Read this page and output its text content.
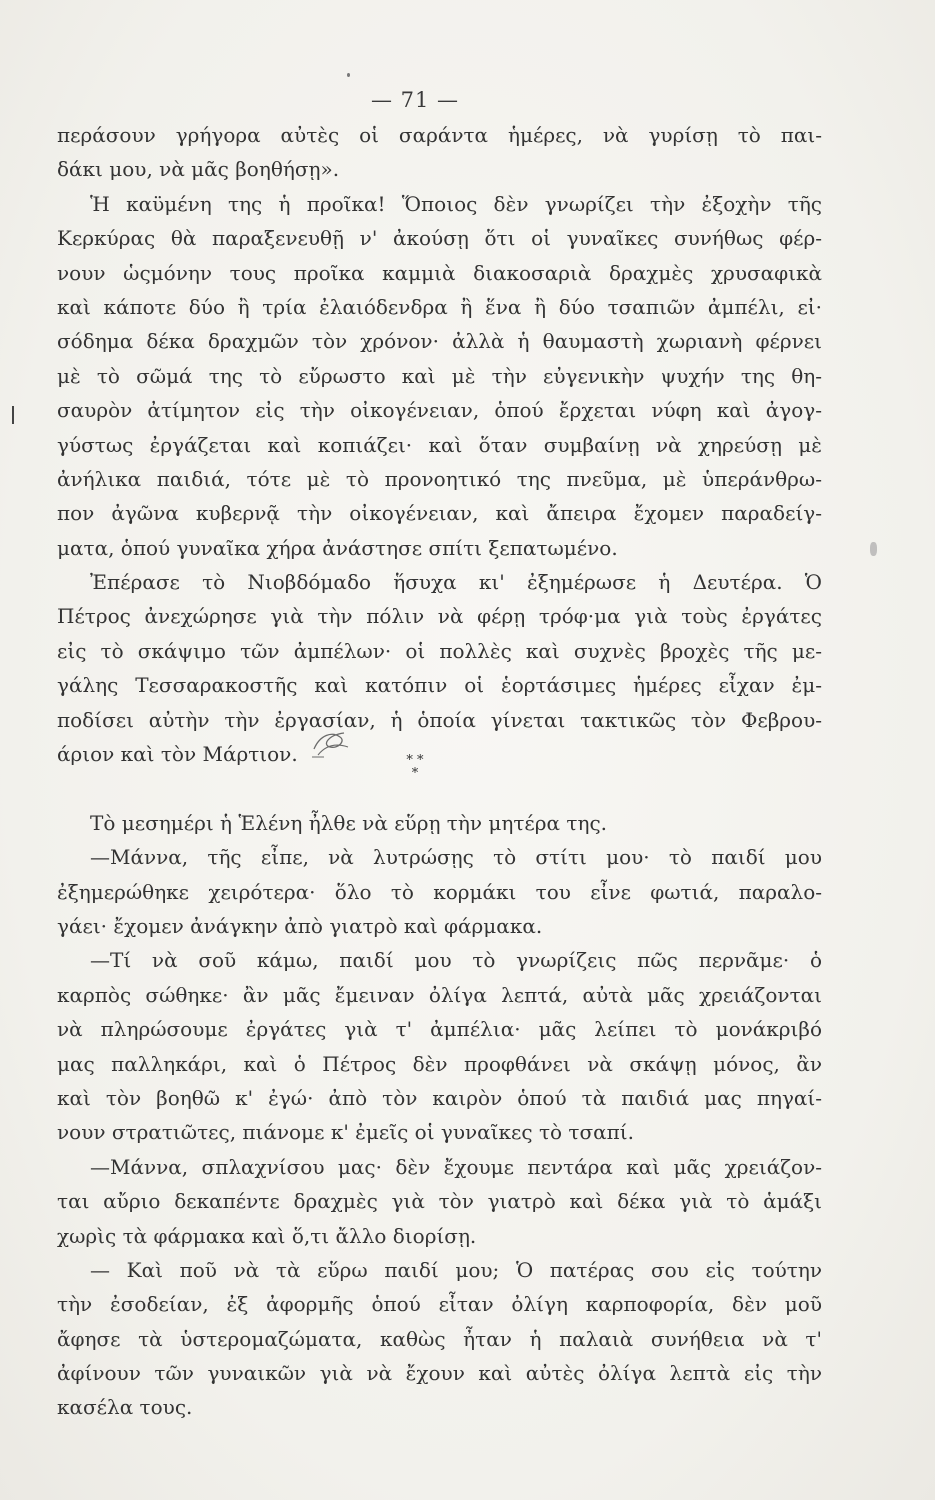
— 71 —
περάσουν γρήγορα αὐτὲς οἱ σαράντα ἡμέρες, νὰ γυρίσῃ τὸ παι-
δάκι μου, νὰ μᾶς βοηθήσῃ».
Ἡ καϋμένη της ἡ προῖκα! Ὅποιος δὲν γνωρίζει τὴν ἐξοχὴν τῆς
Κερκύρας θὰ παραξενευθῇ ν' ἀκούσῃ ὅτι οἱ γυναῖκες συνήθως φέρ-
νουν ὡςμόνην τους προῖκα καμμιὰ διακοσαριὰ δραχμὲς χρυσαφικὰ
καὶ κάποτε δύο ἢ τρία ἐλαιόδενδρα ἢ ἕνα ἢ δύο τσαπιῶν ἀμπέλι, εἰ·
σόδημα δέκα δραχμῶν τὸν χρόνον· ἀλλὰ ἡ θαυμαστὴ χωριανὴ φέρνει
μὲ τὸ σῶμά της τὸ εὔρωστο καὶ μὲ τὴν εὐγενικὴν ψυχήν της θη-
σαυρὸν ἀτίμητον εἰς τὴν οἰκογένειαν, ὁπού ἔρχεται νύφη καὶ ἀγογ-
γύστως ἐργάζεται καὶ κοπιάζει· καὶ ὅταν συμβαίνῃ νὰ χηρεύσῃ μὲ
ἀνήλικα παιδιά, τότε μὲ τὸ προνοητικό της πνεῦμα, μὲ ὑπεράνθρω-
πον ἀγῶνα κυβερνᾷ τὴν οἰκογένειαν, καὶ ἄπειρα ἔχομεν παραδείγ-
ματα, ὁπού γυναῖκα χήρα ἀνάστησε σπίτι ξεπατωμένο.
Ἐπέρασε τὸ Νιοβδόμαδο ἥσυχα κι' ἐξημέρωσε ἡ Δευτέρα. Ὁ
Πέτρος ἀνεχώρησε γιὰ τὴν πόλιν νὰ φέρῃ τρόφ·μα γιὰ τοὺς ἐργάτες
εἰς τὸ σκάψιμο τῶν ἀμπέλων· οἱ πολλὲς καὶ συχνὲς βροχὲς τῆς με-
γάλης Τεσσαρακοστῆς καὶ κατόπιν οἱ ἑορτάσιμες ἡμέρες εἶχαν ἐμ-
ποδίσει αὐτὴν τὴν ἐργασίαν, ἡ ὁποία γίνεται τακτικῶς τὸν Φεβρου-
άριον καὶ τὸν Μάρτιον.
Τὸ μεσημέρι ἡ Ἑλένη ἦλθε νὰ εὕρῃ τὴν μητέρα της.
—Μάννα, τῆς εἶπε, νὰ λυτρώσῃς τὸ στίτι μου· τὸ παιδί μου
ἐξημερώθηκε χειρότερα· ὅλο τὸ κορμάκι του εἶνε φωτιά, παραλο-
γάει· ἔχομεν ἀνάγκην ἀπὸ γιατρὸ καὶ φάρμακα.
—Τί νὰ σοῦ κάμω, παιδί μου τὸ γνωρίζεις πῶς περνᾶμε· ὁ
καρπὸς σώθηκε· ἂν μᾶς ἔμειναν ὀλίγα λεπτά, αὐτὰ μᾶς χρειάζονται
νὰ πληρώσουμε ἐργάτες γιὰ τ' ἀμπέλια· μᾶς λείπει τὸ μονάκριβό
μας παλληκάρι, καὶ ὁ Πέτρος δὲν προφθάνει νὰ σκάψῃ μόνος, ἂν
καὶ τὸν βοηθῶ κ' ἐγώ· ἀπὸ τὸν καιρὸν ὁπού τὰ παιδιά μας πηγαί-
νουν στρατιῶτες, πιάνομε κ' ἐμεῖς οἱ γυναῖκες τὸ τσαπί.
—Μάννα, σπλαχνίσου μας· δὲν ἔχουμε πεντάρα καὶ μᾶς χρειάζον-
ται αὔριο δεκαπέντε δραχμὲς γιὰ τὸν γιατρὸ καὶ δέκα γιὰ τὸ ἁμάξι
χωρὶς τὰ φάρμακα καὶ ὅ,τι ἄλλο διορίσῃ.
— Καὶ ποῦ νὰ τὰ εὕρω παιδί μου; Ὁ πατέρας σου εἰς τούτην
τὴν ἐσοδείαν, ἐξ ἀφορμῆς ὁπού εἶταν ὀλίγη καρποφορία, δὲν μοῦ
ἄφησε τὰ ὑστερομαζώματα, καθὼς ἦταν ἡ παλαιὰ συνήθεια νὰ τ'
ἀφίνουν τῶν γυναικῶν γιὰ νὰ ἔχουν καὶ αὐτὲς ὀλίγα λεπτὰ εἰς τὴν
κασέλα τους.
* *
*
